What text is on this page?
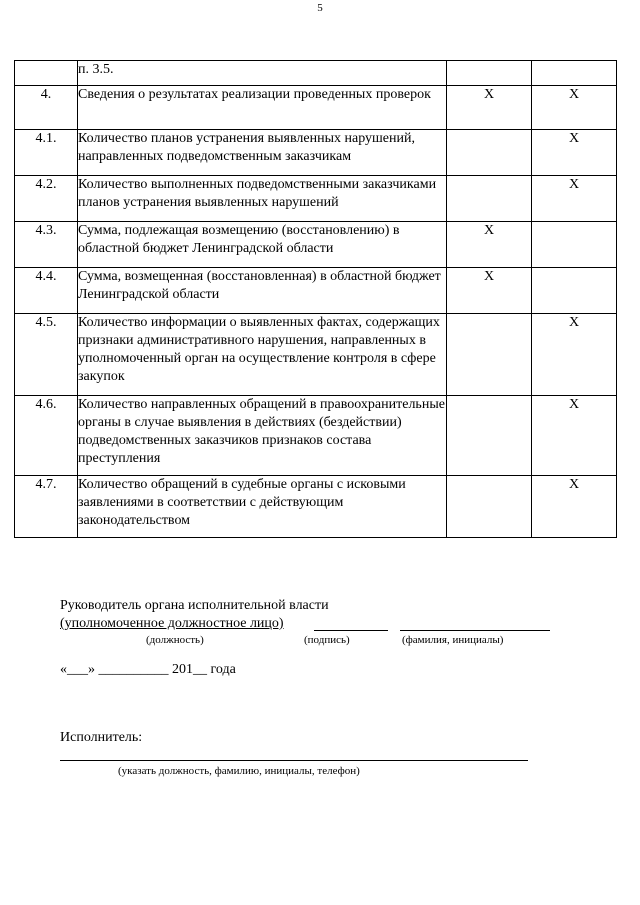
5
	п. 3.5.		
4.	Сведения о результатах реализации проведенных проверок	Х	Х
4.1.	Количество планов устранения выявленных нарушений, направленных подведомственным заказчикам		Х
4.2.	Количество выполненных подведомственными заказчиками планов устранения выявленных нарушений		Х
4.3.	Сумма, подлежащая возмещению (восстановлению) в областной бюджет Ленинградской области	Х	
4.4.	Сумма, возмещенная (восстановленная) в областной бюджет Ленинградской области	Х	
4.5.	Количество информации о выявленных фактах, содержащих признаки административного нарушения, направленных в уполномоченный орган на осуществление контроля в сфере закупок		Х
4.6.	Количество направленных обращений в правоохранительные органы в случае выявления в действиях (бездействии) подведомственных заказчиков признаков состава преступления		Х
4.7.	Количество обращений в судебные органы с исковыми заявлениями в соответствии с действующим законодательством		Х
Руководитель органа исполнительной власти
(уполномоченное должностное лицо)
(должность)	(подпись)	(фамилия, инициалы)
«___» __________ 201__ года
Исполнитель:
(указать должность, фамилию, инициалы, телефон)
